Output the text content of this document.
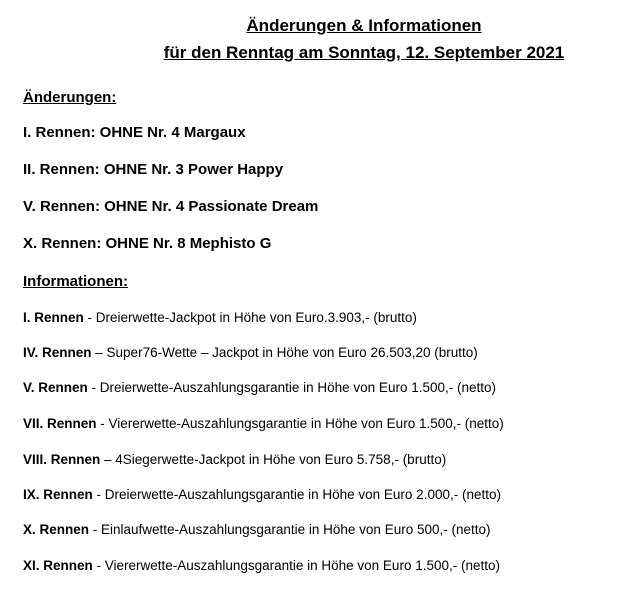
Änderungen & Informationen
für den Renntag am Sonntag, 12. September 2021
Änderungen:
I. Rennen: OHNE Nr. 4 Margaux
II. Rennen: OHNE Nr. 3 Power Happy
V. Rennen: OHNE Nr. 4 Passionate Dream
X. Rennen: OHNE Nr. 8 Mephisto G
Informationen:
I. Rennen - Dreierwette-Jackpot in Höhe von Euro.3.903,- (brutto)
IV. Rennen – Super76-Wette – Jackpot in Höhe von Euro 26.503,20 (brutto)
V. Rennen - Dreierwette-Auszahlungsgarantie in Höhe von Euro 1.500,- (netto)
VII. Rennen - Viererwette-Auszahlungsgarantie in Höhe von Euro 1.500,- (netto)
VIII. Rennen – 4Siegerwette-Jackpot in Höhe von Euro 5.758,- (brutto)
IX. Rennen - Dreierwette-Auszahlungsgarantie in Höhe von Euro 2.000,- (netto)
X. Rennen - Einlaufwette-Auszahlungsgarantie in Höhe von Euro 500,- (netto)
XI. Rennen - Viererwette-Auszahlungsgarantie in Höhe von Euro 1.500,- (netto)
